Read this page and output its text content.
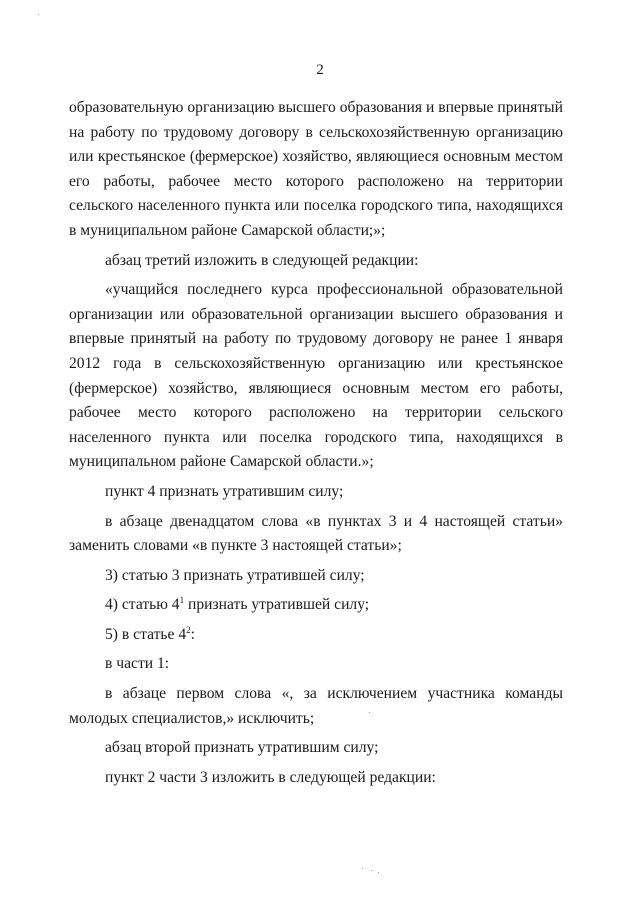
2

образовательную организацию высшего образования и впервые принятый на работу по трудовому договору в сельскохозяйственную организацию или крестьянское (фермерское) хозяйство, являющиеся основным местом его работы, рабочее место которого расположено на территории сельского населенного пункта или поселка городского типа, находящихся в муниципальном районе Самарской области;»;

абзац третий изложить в следующей редакции:

«учащийся последнего курса профессиональной образовательной организации или образовательной организации высшего образования и впервые принятый на работу по трудовому договору не ранее 1 января 2012 года в сельскохозяйственную организацию или крестьянское (фермерское) хозяйство, являющиеся основным местом его работы, рабочее место которого расположено на территории сельского населенного пункта или поселка городского типа, находящихся в муниципальном районе Самарской области.»;

пункт 4 признать утратившим силу;

в абзаце двенадцатом слова «в пунктах 3 и 4 настоящей статьи» заменить словами «в пункте 3 настоящей статьи»;

3) статью 3 признать утратившей силу;

4) статью $4^1$ признать утратившей силу;

5) в статье $4^2$:

в части 1:

в абзаце первом слова «, за исключением участника команды молодых специалистов,» исключить;

абзац второй признать утратившим силу;

пункт 2 части 3 изложить в следующей редакции:
